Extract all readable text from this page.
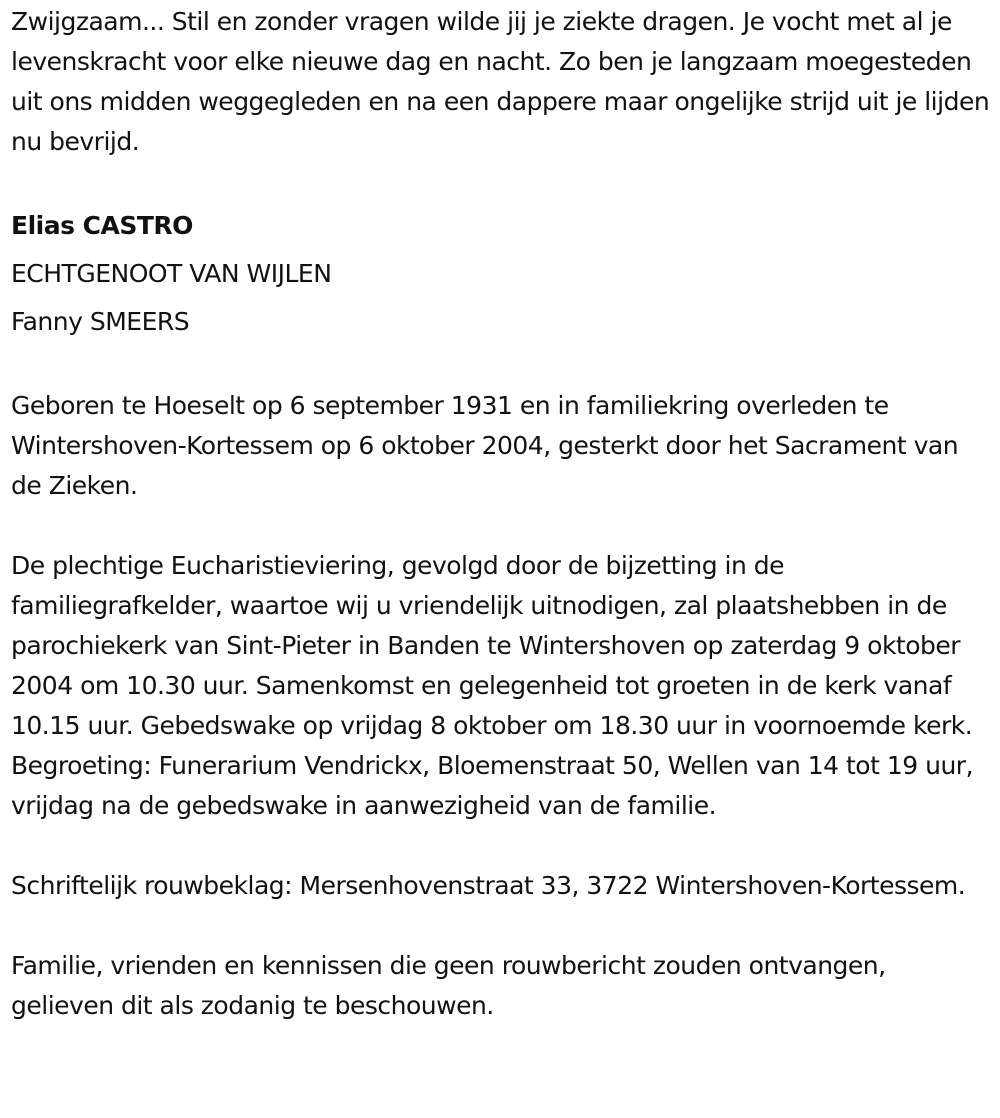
Zwijgzaam... Stil en zonder vragen wilde jij je ziekte dragen. Je vocht met al je levenskracht voor elke nieuwe dag en nacht. Zo ben je langzaam moegesteden uit ons midden weggegleden en na een dappere maar ongelijke strijd uit je lijden nu bevrijd.

Elias CASTRO

ECHTGENOOT VAN WIJLEN

Fanny SMEERS

Geboren te Hoeselt op 6 september 1931 en in familiekring overleden te Wintershoven-Kortessem op 6 oktober 2004, gesterkt door het Sacrament van de Zieken.

De plechtige Eucharistieviering, gevolgd door de bijzetting in de familiegrafkelder, waartoe wij u vriendelijk uitnodigen, zal plaatshebben in de parochiekerk van Sint-Pieter in Banden te Wintershoven op zaterdag 9 oktober 2004 om 10.30 uur. Samenkomst en gelegenheid tot groeten in de kerk vanaf 10.15 uur. Gebedswake op vrijdag 8 oktober om 18.30 uur in voornoemde kerk. Begroeting: Funerarium Vendrickx, Bloemenstraat 50, Wellen van 14 tot 19 uur, vrijdag na de gebedswake in aanwezigheid van de familie.

Schriftelijk rouwbeklag: Mersenhovenstraat 33, 3722 Wintershoven-Kortessem.

Familie, vrienden en kennissen die geen rouwbericht zouden ontvangen, gelieven dit als zodanig te beschouwen.
